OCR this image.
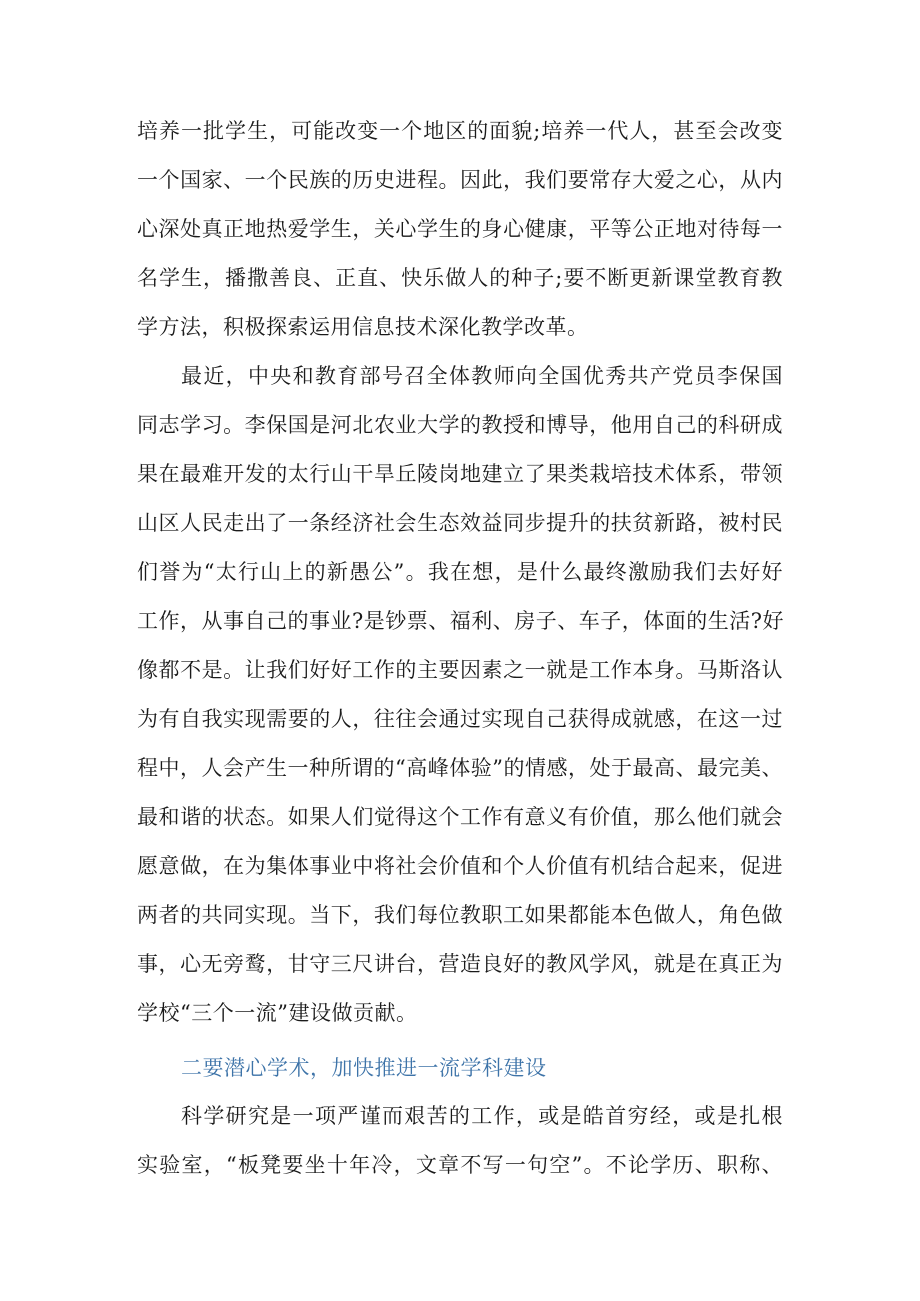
培养一批学生，可能改变一个地区的面貌;培养一代人，甚至会改变
一个国家、一个民族的历史进程。因此，我们要常存大爱之心，从内
心深处真正地热爱学生，关心学生的身心健康，平等公正地对待每一
名学生，播撒善良、正直、快乐做人的种子;要不断更新课堂教育教
学方法，积极探索运用信息技术深化教学改革。
最近，中央和教育部号召全体教师向全国优秀共产党员李保国
同志学习。李保国是河北农业大学的教授和博导，他用自己的科研成
果在最难开发的太行山干旱丘陵岗地建立了果类栽培技术体系，带领
山区人民走出了一条经济社会生态效益同步提升的扶贫新路，被村民
们誉为“太行山上的新愚公”。我在想，是什么最终激励我们去好好
工作，从事自己的事业?是钞票、福利、房子、车子，体面的生活?好
像都不是。让我们好好工作的主要因素之一就是工作本身。马斯洛认
为有自我实现需要的人，往往会通过实现自己获得成就感，在这一过
程中，人会产生一种所谓的“高峰体验”的情感，处于最高、最完美、
最和谐的状态。如果人们觉得这个工作有意义有价值，那么他们就会
愿意做，在为集体事业中将社会价值和个人价值有机结合起来，促进
两者的共同实现。当下，我们每位教职工如果都能本色做人，角色做
事，心无旁鹜，甘守三尺讲台，营造良好的教风学风，就是在真正为
学校“三个一流”建设做贡献。
二要潜心学术，加快推进一流学科建设
科学研究是一项严谨而艰苦的工作，或是皓首穷经，或是扎根
实验室，“板凳要坐十年冷，文章不写一句空”。不论学历、职称、
